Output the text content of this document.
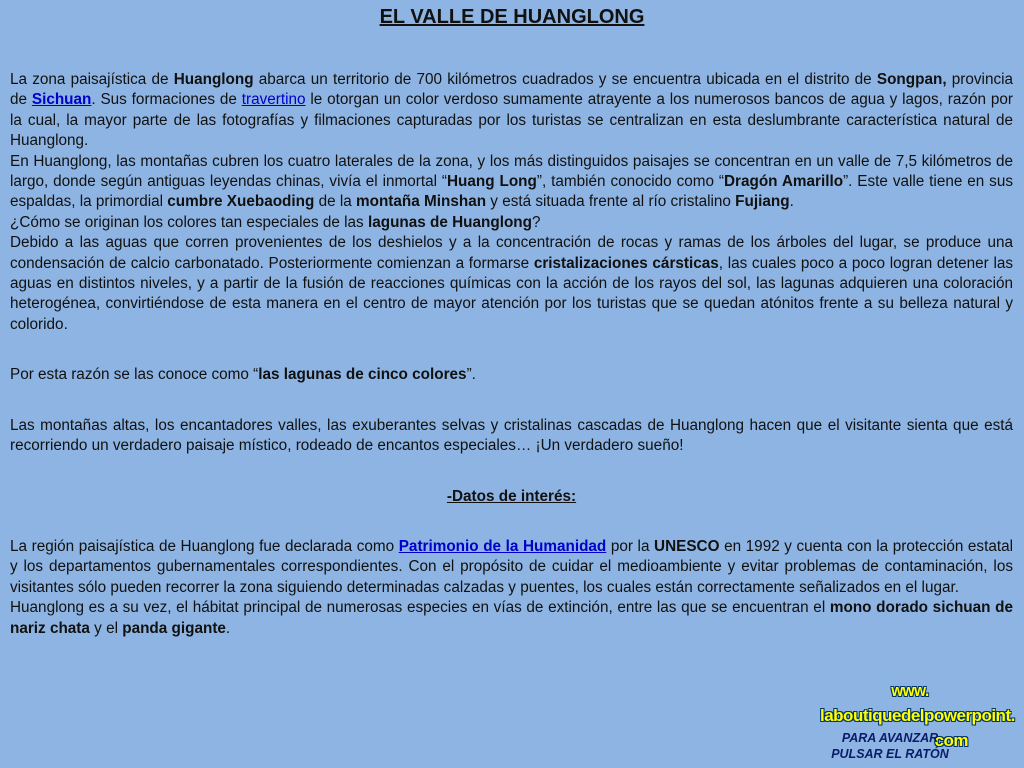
EL VALLE DE HUANGLONG

La zona paisajística de Huanglong abarca un territorio de 700 kilómetros cuadrados y se encuentra ubicada en el distrito de Songpan, provincia de Sichuan. Sus formaciones de travertino le otorgan un color verdoso sumamente atrayente a los numerosos bancos de agua y lagos, razón por la cual, la mayor parte de las fotografías y filmaciones capturadas por los turistas se centralizan en esta deslumbrante característica natural de Huanglong.

En Huanglong, las montañas cubren los cuatro laterales de la zona, y los más distinguidos paisajes se concentran en un valle de 7,5 kilómetros de largo, donde según antiguas leyendas chinas, vivía el inmortal “Huang Long”, también conocido como “Dragón Amarillo”. Este valle tiene en sus espaldas, la primordial cumbre Xuebaoding de la montaña Minshan y está situada frente al río cristalino Fujiang.

¿Cómo se originan los colores tan especiales de las lagunas de Huanglong?

Debido a las aguas que corren provenientes de los deshielos y a la concentración de rocas y ramas de los árboles del lugar, se produce una condensación de calcio carbonatado. Posteriormente comienzan a formarse cristalizaciones cársticas, las cuales poco a poco logran detener las aguas en distintos niveles, y a partir de la fusión de reacciones químicas con la acción de los rayos del sol, las lagunas adquieren una coloración heterogénea, convirtiéndose de esta manera en el centro de mayor atención por los turistas que se quedan atónitos frente a su belleza natural y colorido.

Por esta razón se las conoce como “las lagunas de cinco colores”.

Las montañas altas, los encantadores valles, las exuberantes selvas y cristalinas cascadas de Huanglong hacen que el visitante sienta que está recorriendo un verdadero paisaje místico, rodeado de encantos especiales… ¡Un verdadero sueño!

-Datos de interés:

La región paisajística de Huanglong fue declarada como Patrimonio de la Humanidad por la UNESCO en 1992 y cuenta con la protección estatal y los departamentos gubernamentales correspondientes. Con el propósito de cuidar el medioambiente y evitar problemas de contaminación, los visitantes sólo pueden recorrer la zona siguiendo determinadas calzadas y puentes, los cuales están correctamente señalizados en el lugar.

Huanglong es a su vez, el hábitat principal de numerosas especies en vías de extinción, entre las que se encuentran el mono dorado sichuan de nariz chata y el panda gigante.

www.
laboutiquedelpowerpoint.
com
PARA AVANZAR
PULSAR EL RATÓN
